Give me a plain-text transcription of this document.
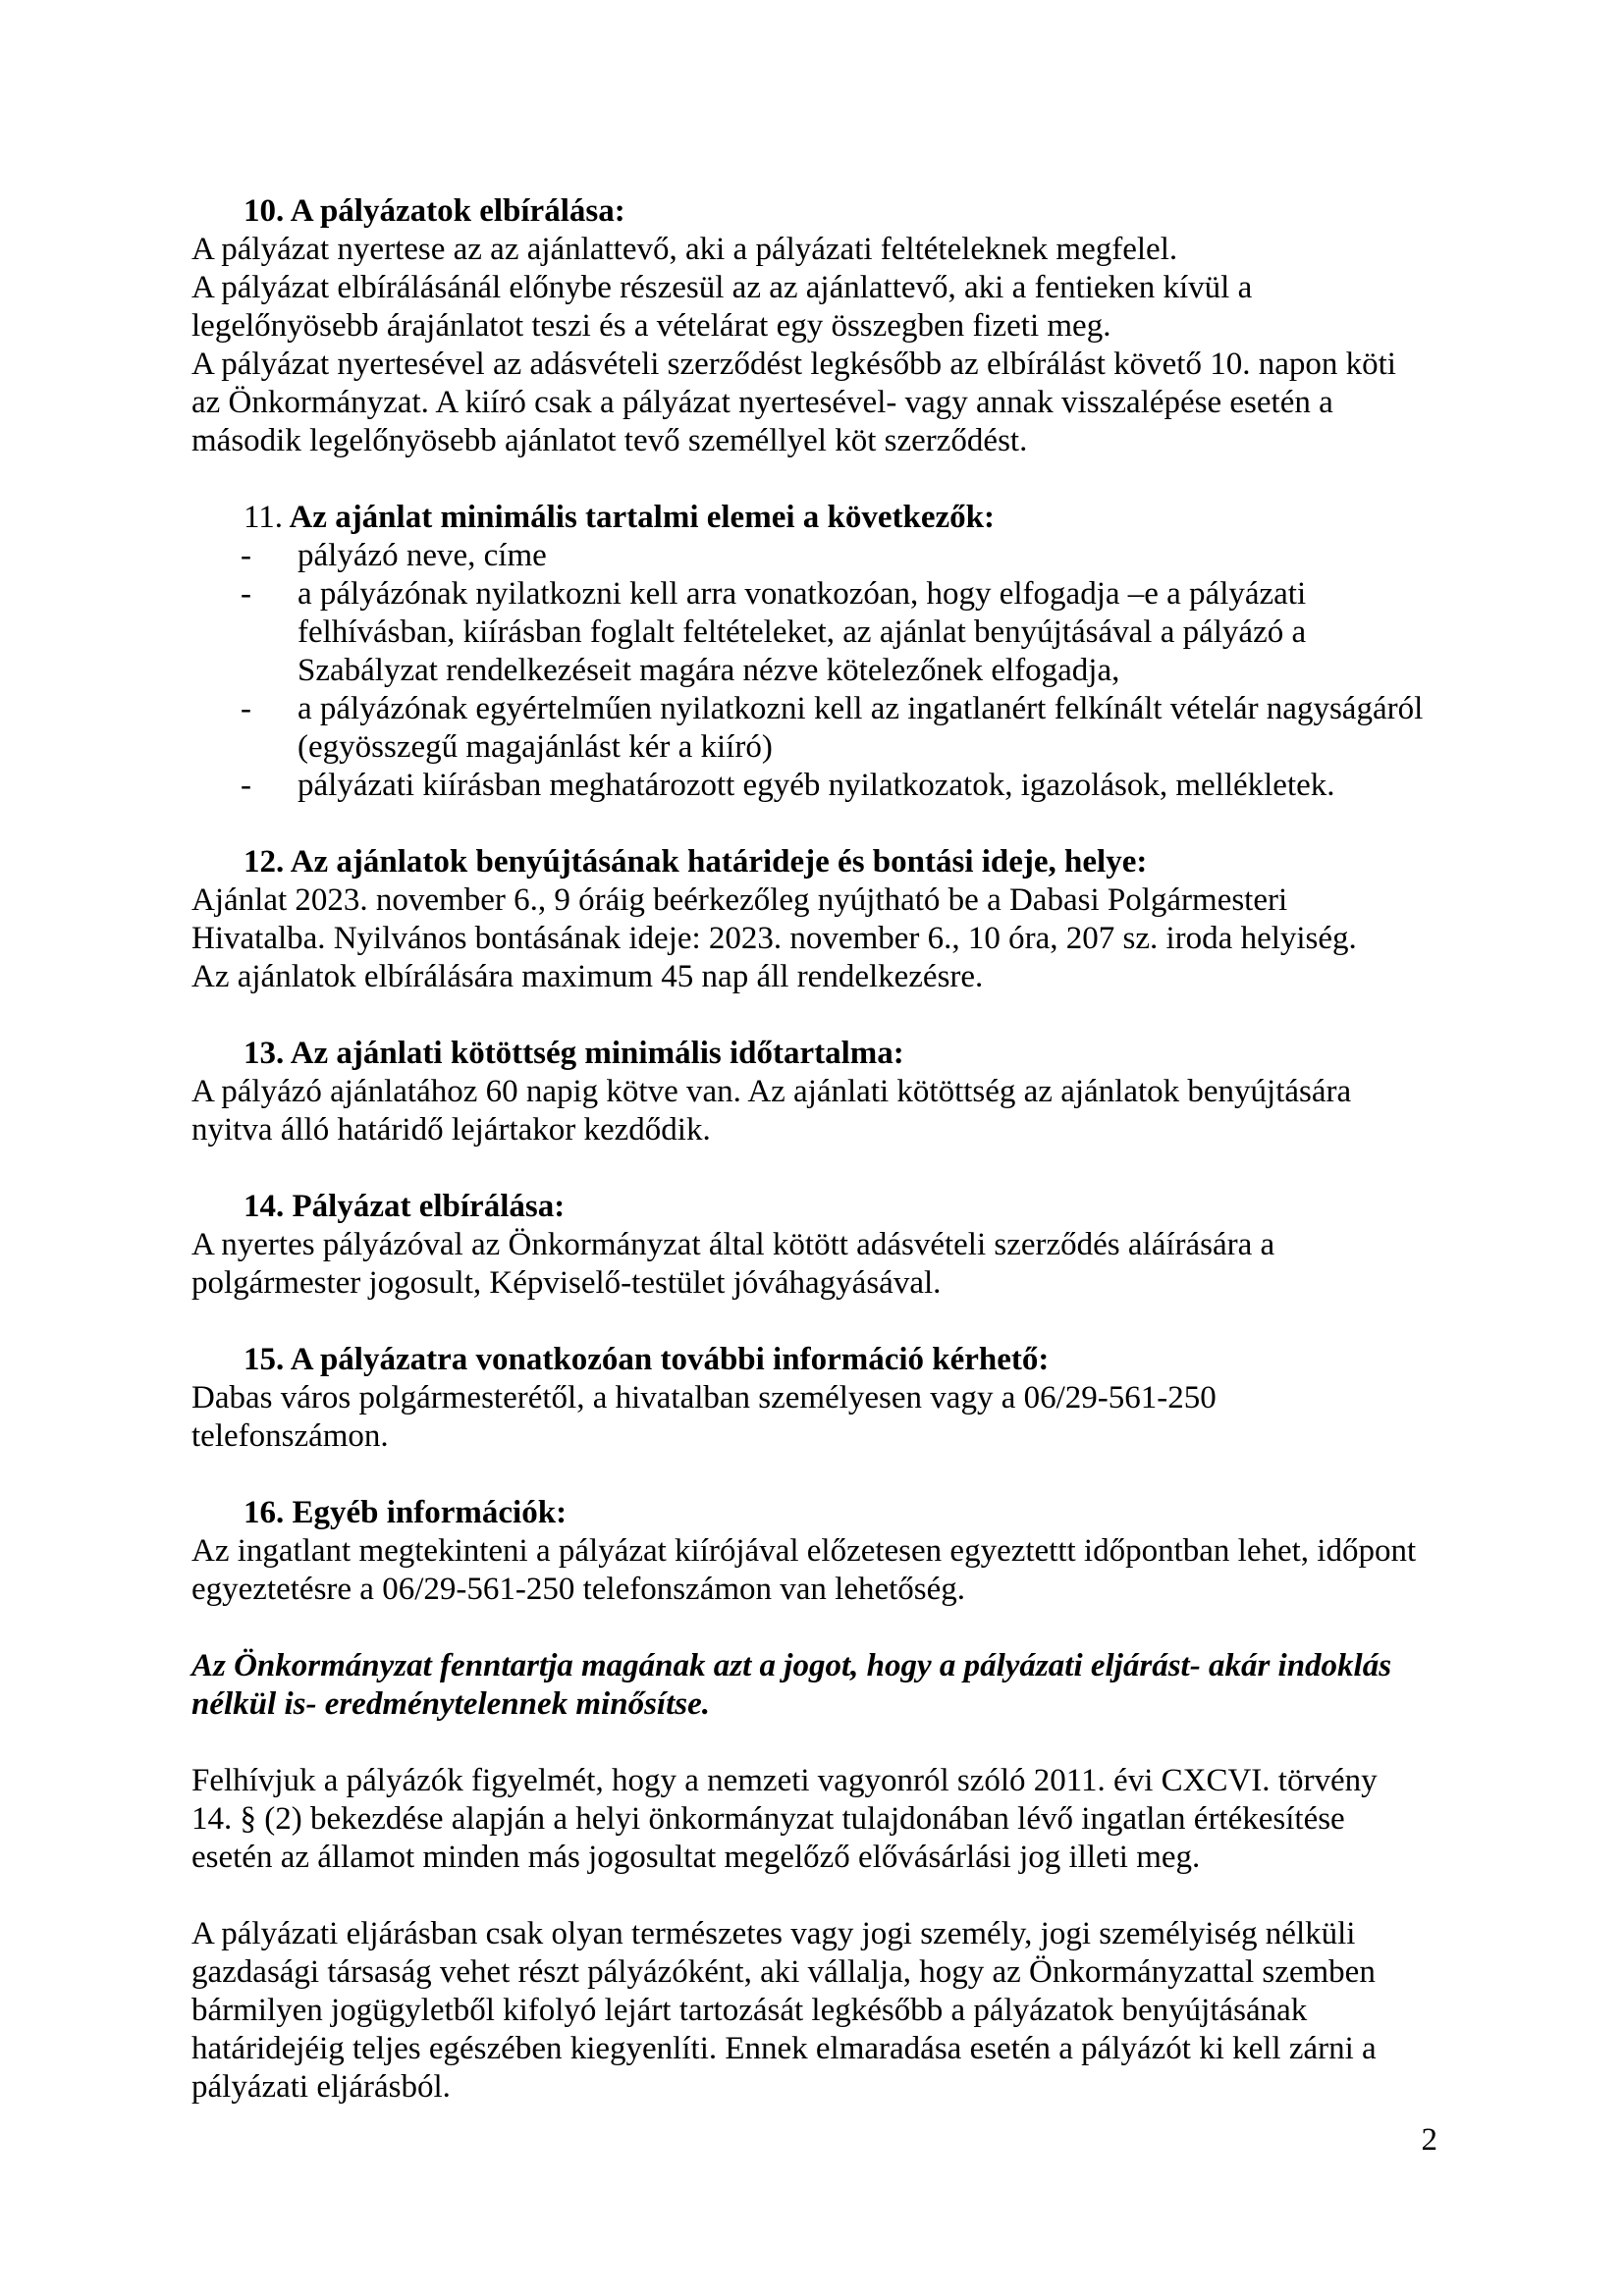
10. A pályázatok elbírálása:
A pályázat nyertese az az ajánlattevő, aki a pályázati feltételeknek megfelel.
A pályázat elbírálásánál előnybe részesül az az ajánlattevő, aki a fentieken kívül a
legelőnyösebb árajánlatot teszi és a vételárat egy összegben fizeti meg.
A pályázat nyertesével az adásvételi szerződést legkésőbb az elbírálást követő 10. napon köti
az Önkormányzat. A kiíró csak a pályázat nyertesével- vagy annak visszalépése esetén a
második legelőnyösebb ajánlatot tevő személlyel köt szerződést.
11. Az ajánlat minimális tartalmi elemei a következők:
- pályázó neve, címe
- a pályázónak nyilatkozni kell arra vonatkozóan, hogy elfogadja –e a pályázati
felhívásban, kiírásban foglalt feltételeket, az ajánlat benyújtásával a pályázó a
Szabályzat rendelkezéseit magára nézve kötelezőnek elfogadja,
- a pályázónak egyértelműen nyilatkozni kell az ingatlanért felkínált vételár nagyságáról
(egyösszegű magajánlást kér a kiíró)
- pályázati kiírásban meghatározott egyéb nyilatkozatok, igazolások, mellékletek.
12. Az ajánlatok benyújtásának határideje és bontási ideje, helye:
Ajánlat 2023. november 6., 9 óráig beérkezőleg nyújtható be a Dabasi Polgármesteri
Hivatalba. Nyilvános bontásának ideje: 2023. november 6., 10 óra, 207 sz. iroda helyiség.
Az ajánlatok elbírálására maximum 45 nap áll rendelkezésre.
13. Az ajánlati kötöttség minimális időtartalma:
A pályázó ajánlatához 60 napig kötve van. Az ajánlati kötöttség az ajánlatok benyújtására
nyitva álló határidő lejártakor kezdődik.
14. Pályázat elbírálása:
A nyertes pályázóval az Önkormányzat által kötött adásvételi szerződés aláírására a
polgármester jogosult, Képviselő-testület jóváhagyásával.
15. A pályázatra vonatkozóan további információ kérhető:
Dabas város polgármesterétől, a hivatalban személyesen vagy a 06/29-561-250
telefonszámon.
16. Egyéb információk:
Az ingatlant megtekinteni a pályázat kiírójával előzetesen egyeztettt időpontban lehet, időpont
egyeztetésre a 06/29-561-250 telefonszámon van lehetőség.
Az Önkormányzat fenntartja magának azt a jogot, hogy a pályázati eljárást- akár indoklás
nélkül is- eredménytelennek minősítse.
Felhívjuk a pályázók figyelmét, hogy a nemzeti vagyonról szóló 2011. évi CXCVI. törvény
14. § (2) bekezdése alapján a helyi önkormányzat tulajdonában lévő ingatlan értékesítése
esetén az államot minden más jogosultat megelőző elővásárlási jog illeti meg.
A pályázati eljárásban csak olyan természetes vagy jogi személy, jogi személyiség nélküli
gazdasági társaság vehet részt pályázóként, aki vállalja, hogy az Önkormányzattal szemben
bármilyen jogügyletből kifolyó lejárt tartozását legkésőbb a pályázatok benyújtásának
határidejéig teljes egészében kiegyenlíti. Ennek elmaradása esetén a pályázót ki kell zárni a
pályázati eljárásból.
2
